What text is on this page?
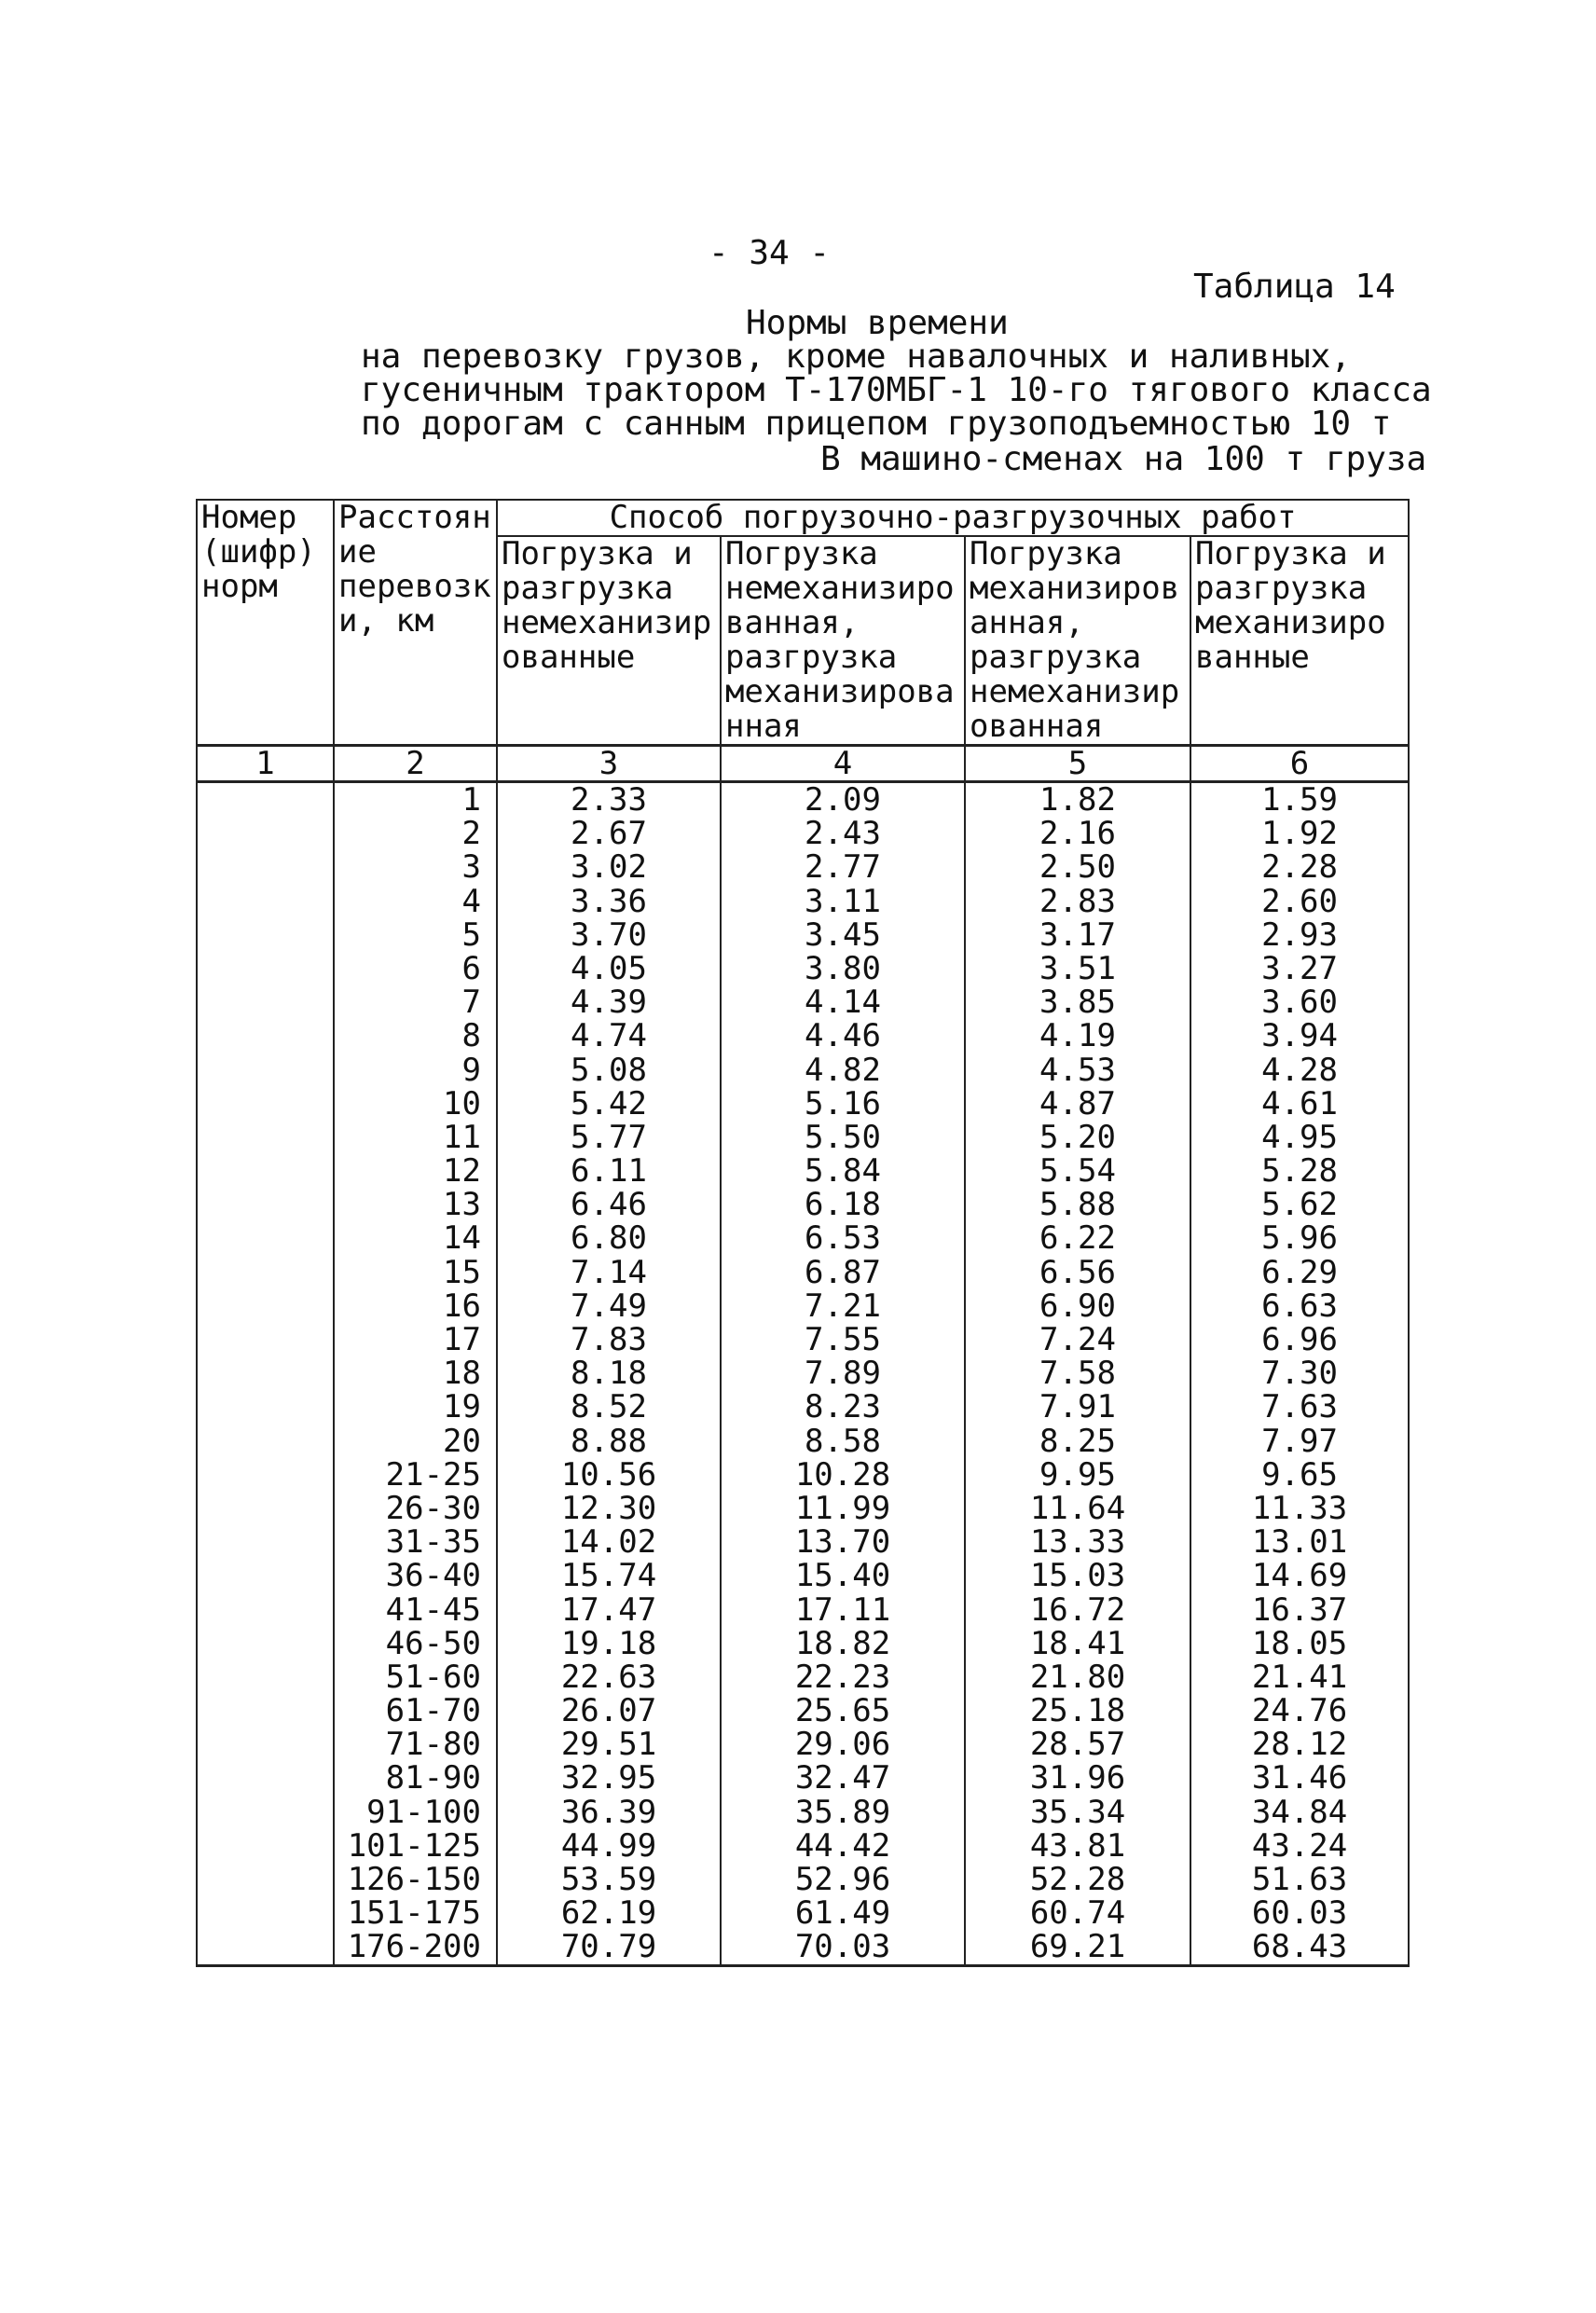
- 34 -
Таблица 14
Нормы времени
на перевозку грузов, кроме навалочных и наливных,
гусеничным трактором Т-170МБГ-1 10-го тягового класса
по дорогам с санным прицепом грузоподъемностью 10 т
В машино-сменах на 100 т груза
Номер (шифр) норм	Расстояние перевозки, км	Способ погрузочно-разгрузочных работ			
		Погрузка и разгрузка немеханизированные	Погрузка немеханизированная, разгрузка механизированная	Погрузка механизированная, разгрузка немеханизированная	Погрузка и разгрузка механизированные
1	2	3	4	5	6
	1	2.33	2.09	1.82	1.59
	2	2.67	2.43	2.16	1.92
	3	3.02	2.77	2.50	2.28
	4	3.36	3.11	2.83	2.60
	5	3.70	3.45	3.17	2.93
	6	4.05	3.80	3.51	3.27
	7	4.39	4.14	3.85	3.60
	8	4.74	4.46	4.19	3.94
	9	5.08	4.82	4.53	4.28
	10	5.42	5.16	4.87	4.61
	11	5.77	5.50	5.20	4.95
	12	6.11	5.84	5.54	5.28
	13	6.46	6.18	5.88	5.62
	14	6.80	6.53	6.22	5.96
	15	7.14	6.87	6.56	6.29
	16	7.49	7.21	6.90	6.63
	17	7.83	7.55	7.24	6.96
	18	8.18	7.89	7.58	7.30
	19	8.52	8.23	7.91	7.63
	20	8.88	8.58	8.25	7.97
	21-25	10.56	10.28	9.95	9.65
	26-30	12.30	11.99	11.64	11.33
	31-35	14.02	13.70	13.33	13.01
	36-40	15.74	15.40	15.03	14.69
	41-45	17.47	17.11	16.72	16.37
	46-50	19.18	18.82	18.41	18.05
	51-60	22.63	22.23	21.80	21.41
	61-70	26.07	25.65	25.18	24.76
	71-80	29.51	29.06	28.57	28.12
	81-90	32.95	32.47	31.96	31.46
	91-100	36.39	35.89	35.34	34.84
	101-125	44.99	44.42	43.81	43.24
	126-150	53.59	52.96	52.28	51.63
	151-175	62.19	61.49	60.74	60.03
	176-200	70.79	70.03	69.21	68.43
